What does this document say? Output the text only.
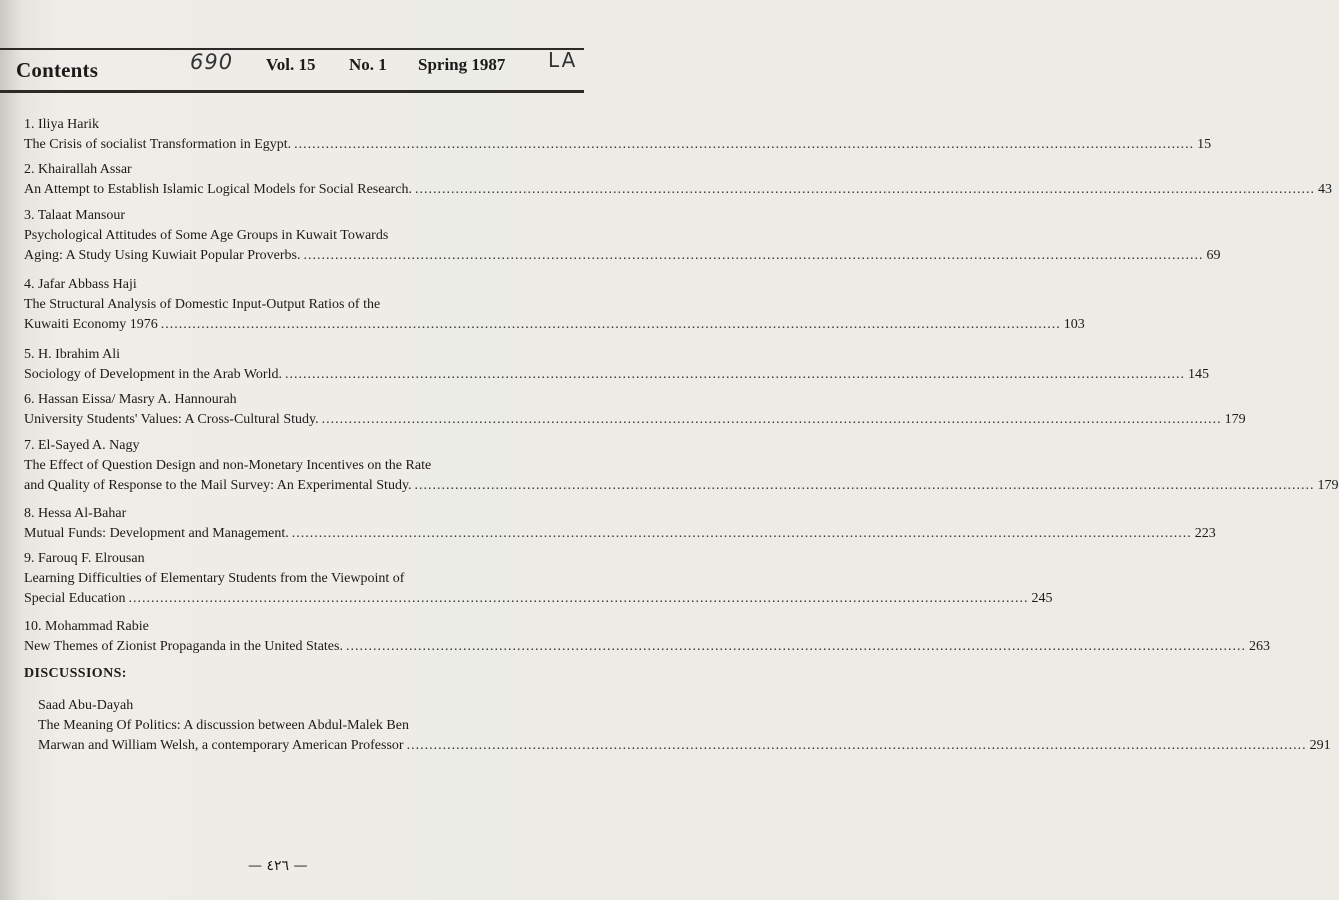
Contents	690 Vol. 15 No. 1 Spring 1987 LA
1. Iliya Harik
The Crisis of socialist Transformation in Egypt. ........................................................................................................................................................................................................ 15
2. Khairallah Assar
An Attempt to Establish Islamic Logical Models for Social Research. ........................................................................................................................................................................................................ 43
3. Talaat Mansour
Psychological Attitudes of Some Age Groups in Kuwait Towards
Aging: A Study Using Kuwiait Popular Proverbs. ........................................................................................................................................................................................................ 69
4. Jafar Abbass Haji
The Structural Analysis of Domestic Input-Output Ratios of the
Kuwaiti Economy 1976 ........................................................................................................................................................................................................ 103
5. H. Ibrahim Ali
Sociology of Development in the Arab World. ........................................................................................................................................................................................................ 145
6. Hassan Eissa/ Masry A. Hannourah
University Students' Values: A Cross-Cultural Study. ........................................................................................................................................................................................................ 179
7. El-Sayed A. Nagy
The Effect of Question Design and non-Monetary Incentives on the Rate
and Quality of Response to the Mail Survey: An Experimental Study. ........................................................................................................................................................................................................ 179
8. Hessa Al-Bahar
Mutual Funds: Development and Management. ........................................................................................................................................................................................................ 223
9. Farouq F. Elrousan
Learning Difficulties of Elementary Students from the Viewpoint of
Special Education ........................................................................................................................................................................................................ 245
10. Mohammad Rabie
New Themes of Zionist Propaganda in the United States. ........................................................................................................................................................................................................ 263
Saad Abu-Dayah
The Meaning Of Politics: A discussion between Abdul-Malek Ben
Marwan and William Welsh, a contemporary American Professor ........................................................................................................................................................................................................ 291
DISCUSSIONS:
— ٤٢٦ —
